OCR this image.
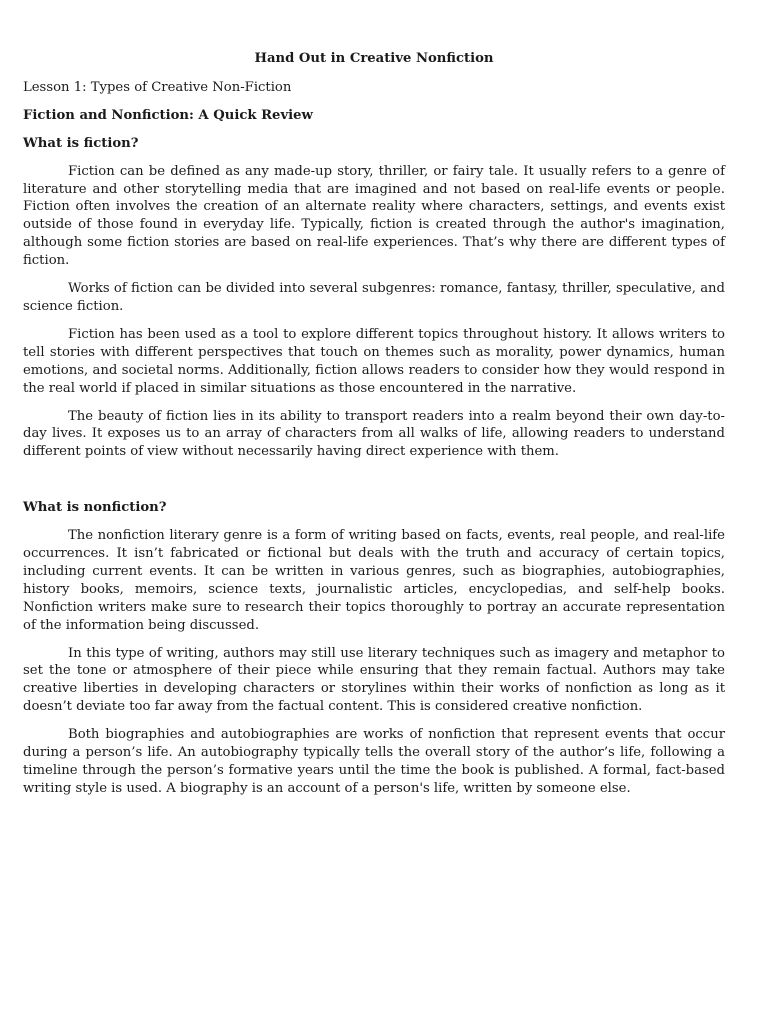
Hand Out in Creative Nonfiction
Lesson 1: Types of Creative Non-Fiction
Fiction and Nonfiction: A Quick Review
What is fiction?

Fiction can be defined as any made-up story, thriller, or fairy tale. It usually refers to a genre of literature and other storytelling media that are imagined and not based on real-life events or people. Fiction often involves the creation of an alternate reality where characters, settings, and events exist outside of those found in everyday life. Typically, fiction is created through the author's imagination, although some fiction stories are based on real-life experiences. That’s why there are different types of fiction.

Works of fiction can be divided into several subgenres: romance, fantasy, thriller, speculative, and science fiction.

Fiction has been used as a tool to explore different topics throughout history. It allows writers to tell stories with different perspectives that touch on themes such as morality, power dynamics, human emotions, and societal norms. Additionally, fiction allows readers to consider how they would respond in the real world if placed in similar situations as those encountered in the narrative.

The beauty of fiction lies in its ability to transport readers into a realm beyond their own day-to-day lives. It exposes us to an array of characters from all walks of life, allowing readers to understand different points of view without necessarily having direct experience with them.

What is nonfiction?

The nonfiction literary genre is a form of writing based on facts, events, real people, and real-life occurrences. It isn’t fabricated or fictional but deals with the truth and accuracy of certain topics, including current events. It can be written in various genres, such as biographies, autobiographies, history books, memoirs, science texts, journalistic articles, encyclopedias, and self-help books. Nonfiction writers make sure to research their topics thoroughly to portray an accurate representation of the information being discussed.

In this type of writing, authors may still use literary techniques such as imagery and metaphor to set the tone or atmosphere of their piece while ensuring that they remain factual. Authors may take creative liberties in developing characters or storylines within their works of nonfiction as long as it doesn’t deviate too far away from the factual content. This is considered creative nonfiction.

Both biographies and autobiographies are works of nonfiction that represent events that occur during a person’s life. An autobiography typically tells the overall story of the author’s life, following a timeline through the person’s formative years until the time the book is published. A formal, fact-based writing style is used. A biography is an account of a person's life, written by someone else.
